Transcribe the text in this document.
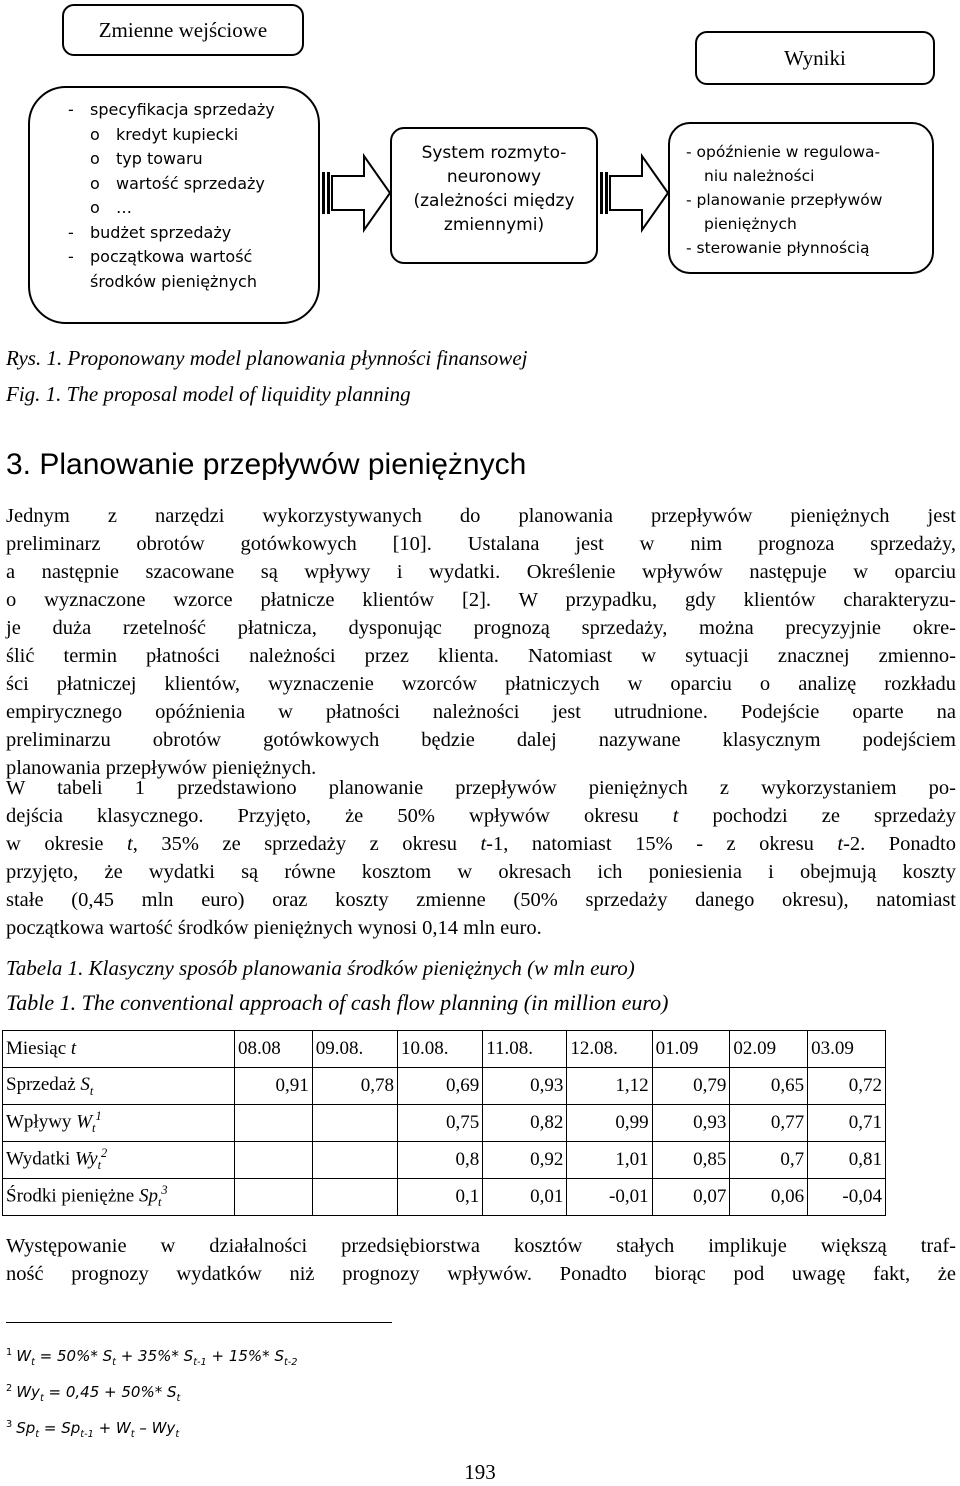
Zmienne wejściowe
Wyniki
- specyfikacja sprzedaży
o kredyt kupiecki
o typ towaru
o wartość sprzedaży
o …
- budżet sprzedaży
- początkowa wartość
środków pieniężnych
System rozmyto-
neuronowy
(zależności między
zmiennymi)
- opóźnienie w regulowa-
niu należności
- planowanie przepływów
pieniężnych
- sterowanie płynnością
Rys. 1. Proponowany model planowania płynności finansowej
Fig. 1. The proposal model of liquidity planning
3. Planowanie przepływów pieniężnych
Jednym z narzędzi wykorzystywanych do planowania przepływów pieniężnych jest
preliminarz obrotów gotówkowych [10]. Ustalana jest w nim prognoza sprzedaży,
a następnie szacowane są wpływy i wydatki. Określenie wpływów następuje w oparciu
o wyznaczone wzorce płatnicze klientów [2]. W przypadku, gdy klientów charakteryzu-
je duża rzetelność płatnicza, dysponując prognozą sprzedaży, można precyzyjnie okre-
ślić termin płatności należności przez klienta. Natomiast w sytuacji znacznej zmienno-
ści płatniczej klientów, wyznaczenie wzorców płatniczych w oparciu o analizę rozkładu
empirycznego opóźnienia w płatności należności jest utrudnione. Podejście oparte na
preliminarzu obrotów gotówkowych będzie dalej nazywane klasycznym podejściem
planowania przepływów pieniężnych.
W tabeli 1 przedstawiono planowanie przepływów pieniężnych z wykorzystaniem po-
dejścia klasycznego. Przyjęto, że 50% wpływów okresu t pochodzi ze sprzedaży
w okresie t, 35% ze sprzedaży z okresu t-1, natomiast 15% - z okresu t-2. Ponadto
przyjęto, że wydatki są równe kosztom w okresach ich poniesienia i obejmują koszty
stałe (0,45 mln euro) oraz koszty zmienne (50% sprzedaży danego okresu), natomiast
początkowa wartość środków pieniężnych wynosi 0,14 mln euro.
Tabela 1. Klasyczny sposób planowania środków pieniężnych (w mln euro)
Table 1. The conventional approach of cash flow planning (in million euro)
Miesiąc t	08.08	09.08.	10.08.	11.08.	12.08.	01.09	02.09	03.09
Sprzedaż $S_t$	0,91	0,78	0,69	0,93	1,12	0,79	0,65	0,72
Wpływy $W_t^1$			0,75	0,82	0,99	0,93	0,77	0,71
Wydatki $Wy_t^2$			0,8	0,92	1,01	0,85	0,7	0,81
Środki pieniężne $Sp_t^3$			0,1	0,01	-0,01	0,07	0,06	-0,04
Występowanie w działalności przedsiębiorstwa kosztów stałych implikuje większą traf-
ność prognozy wydatków niż prognozy wpływów. Ponadto biorąc pod uwagę fakt, że
$^1$ $W_t = 50\%*$ $S_t + 35\%*$ $S_{t-1} + 15\%*$ $S_{t-2}$
$^2$ $Wy_t = 0,45 + 50\%*$ $S_t$
$^3$ $Sp_t = Sp_{t-1} + W_t - Wy_t$
193
